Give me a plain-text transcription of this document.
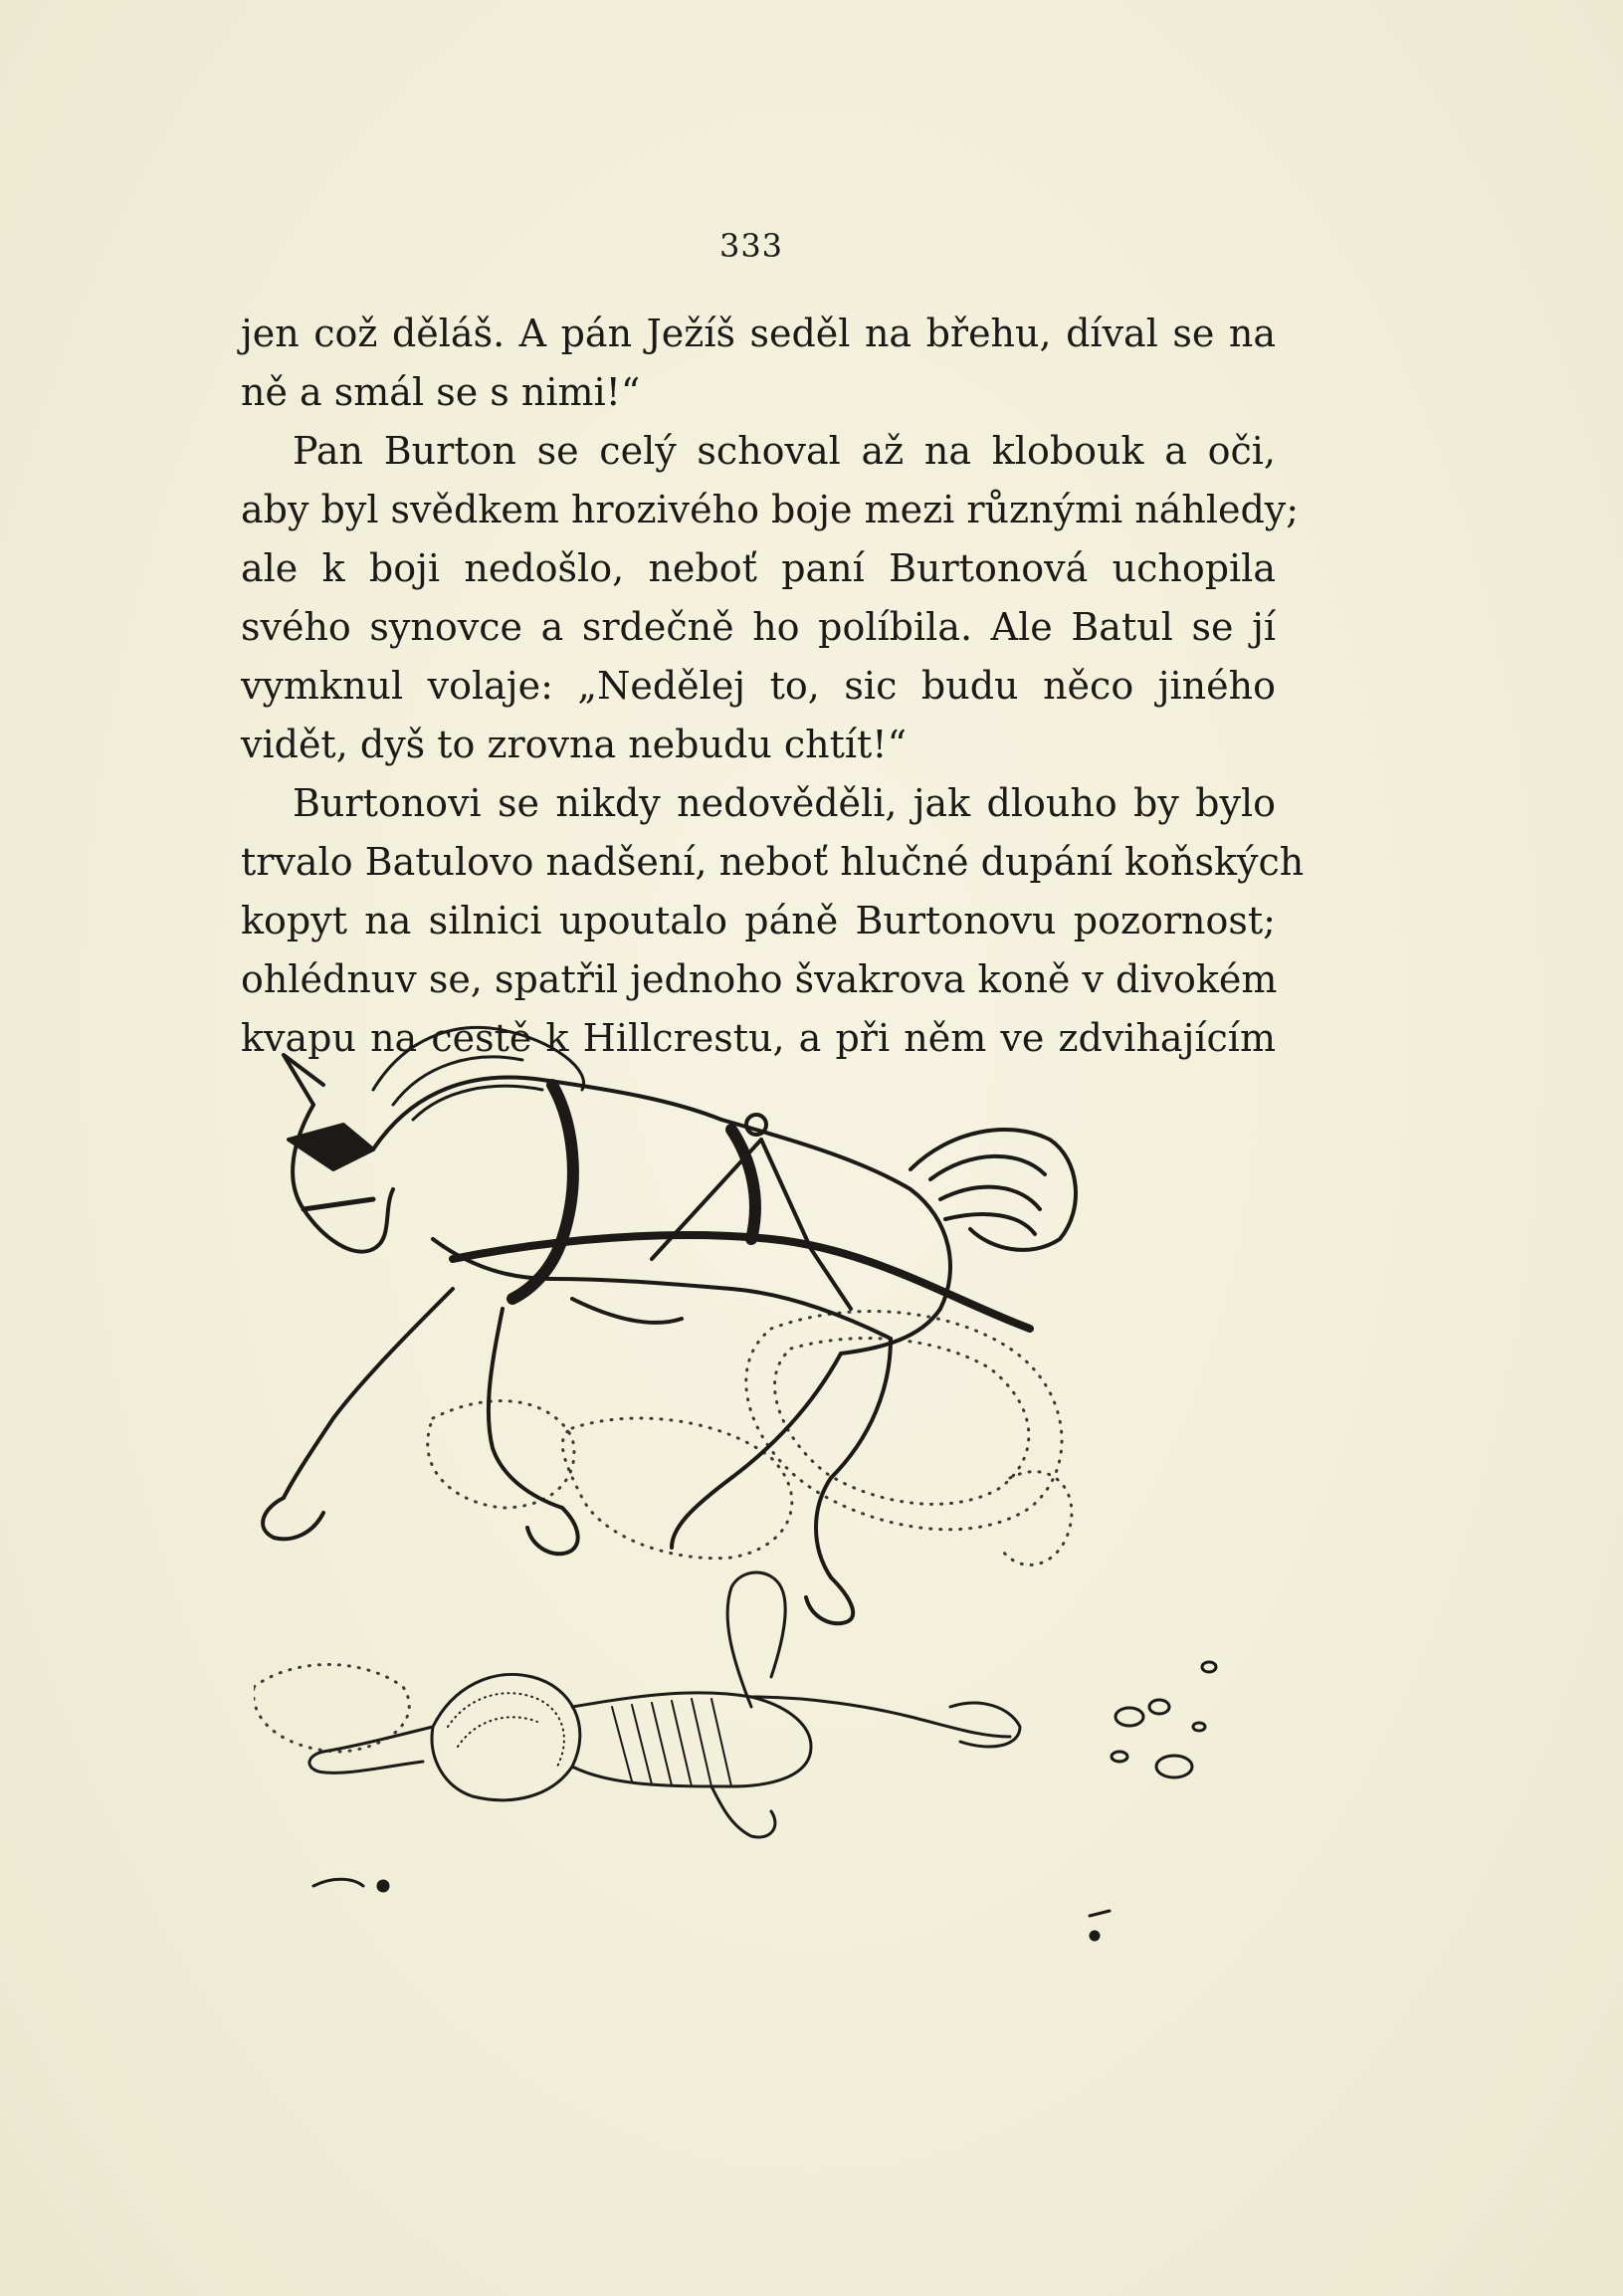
333
jen což děláš. A pán Ježíš seděl na břehu, díval se na
ně a smál se s nimi!“
Pan Burton se celý schoval až na klobouk a oči,
aby byl svědkem hrozivého boje mezi různými náhledy;
ale k boji nedošlo, neboť paní Burtonová uchopila
svého synovce a srdečně ho políbila. Ale Batul se jí
vymknul volaje: „Nedělej to, sic budu něco jiného
vidět, dyš to zrovna nebudu chtít!“
Burtonovi se nikdy nedověděli, jak dlouho by bylo
trvalo Batulovo nadšení, neboť hlučné dupání koňských
kopyt na silnici upoutalo páně Burtonovu pozornost;
ohlédnuv se, spatřil jednoho švakrova koně v divokém
kvapu na cestě k Hillcrestu, a při něm ve zdvihajícím
